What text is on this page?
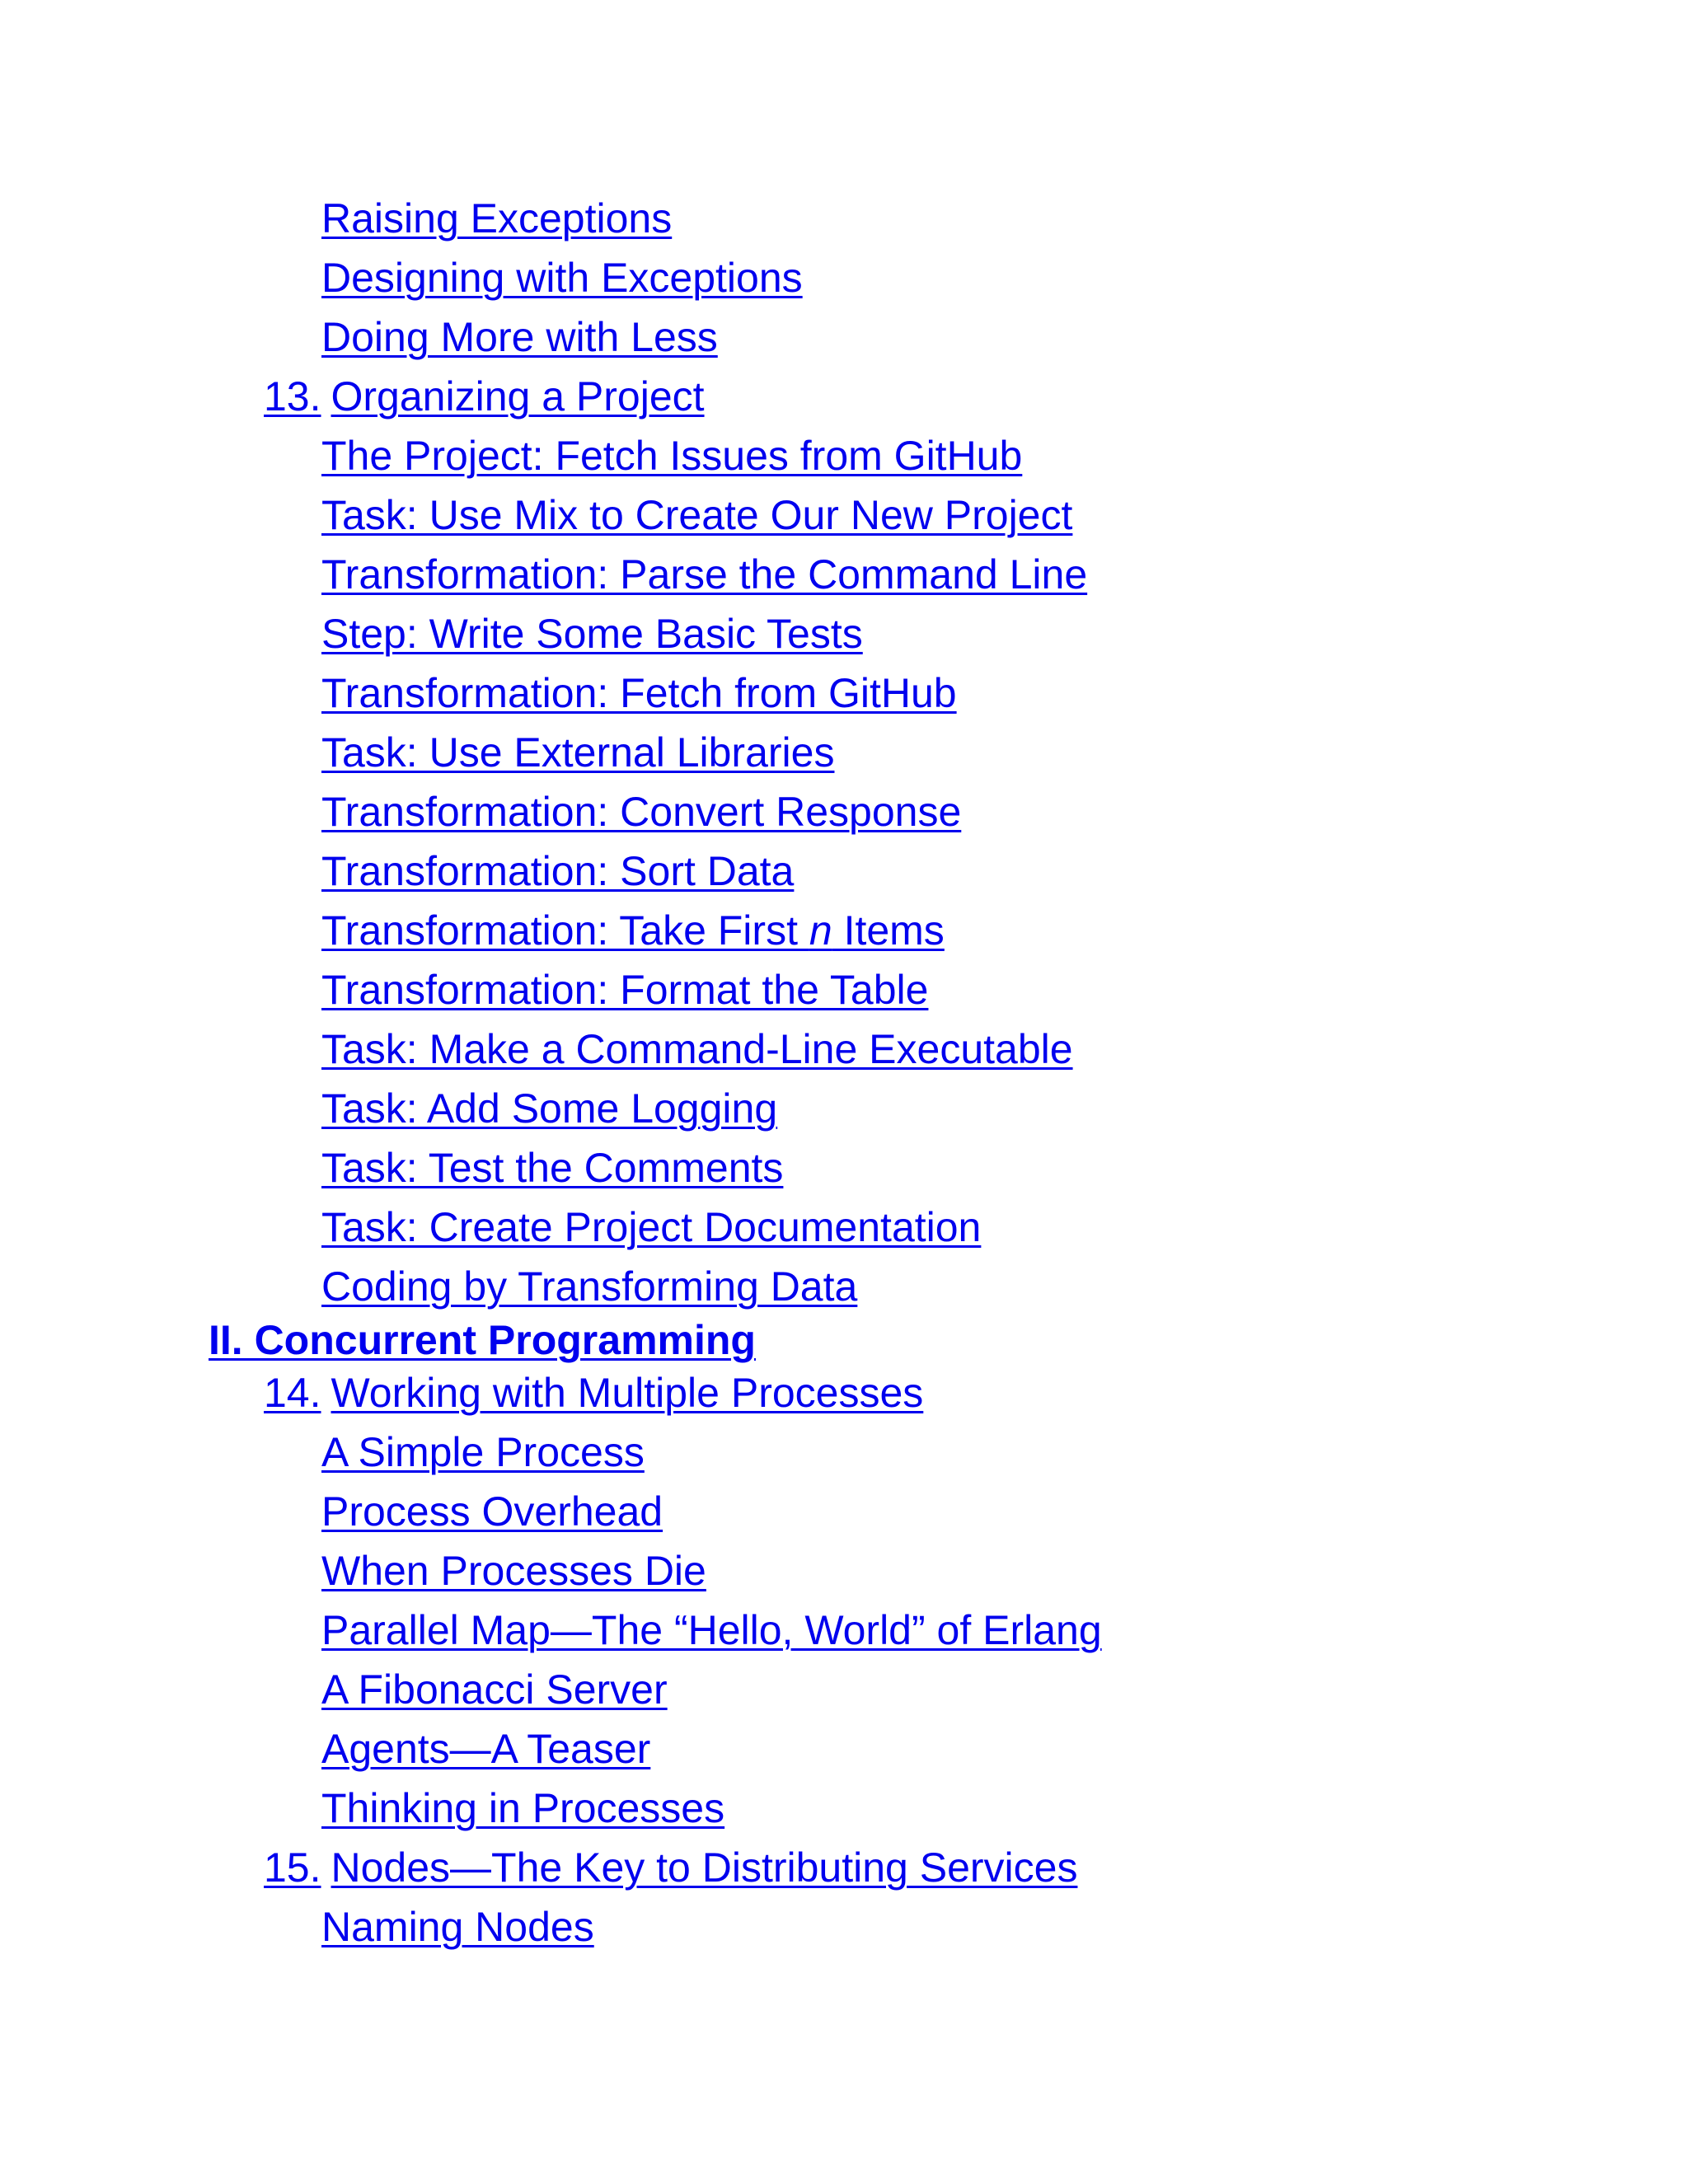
Raising Exceptions
Designing with Exceptions
Doing More with Less
13. Organizing a Project
The Project: Fetch Issues from GitHub
Task: Use Mix to Create Our New Project
Transformation: Parse the Command Line
Step: Write Some Basic Tests
Transformation: Fetch from GitHub
Task: Use External Libraries
Transformation: Convert Response
Transformation: Sort Data
Transformation: Take First n Items
Transformation: Format the Table
Task: Make a Command-Line Executable
Task: Add Some Logging
Task: Test the Comments
Task: Create Project Documentation
Coding by Transforming Data
II. Concurrent Programming
14. Working with Multiple Processes
A Simple Process
Process Overhead
When Processes Die
Parallel Map—The “Hello, World” of Erlang
A Fibonacci Server
Agents—A Teaser
Thinking in Processes
15. Nodes—The Key to Distributing Services
Naming Nodes
